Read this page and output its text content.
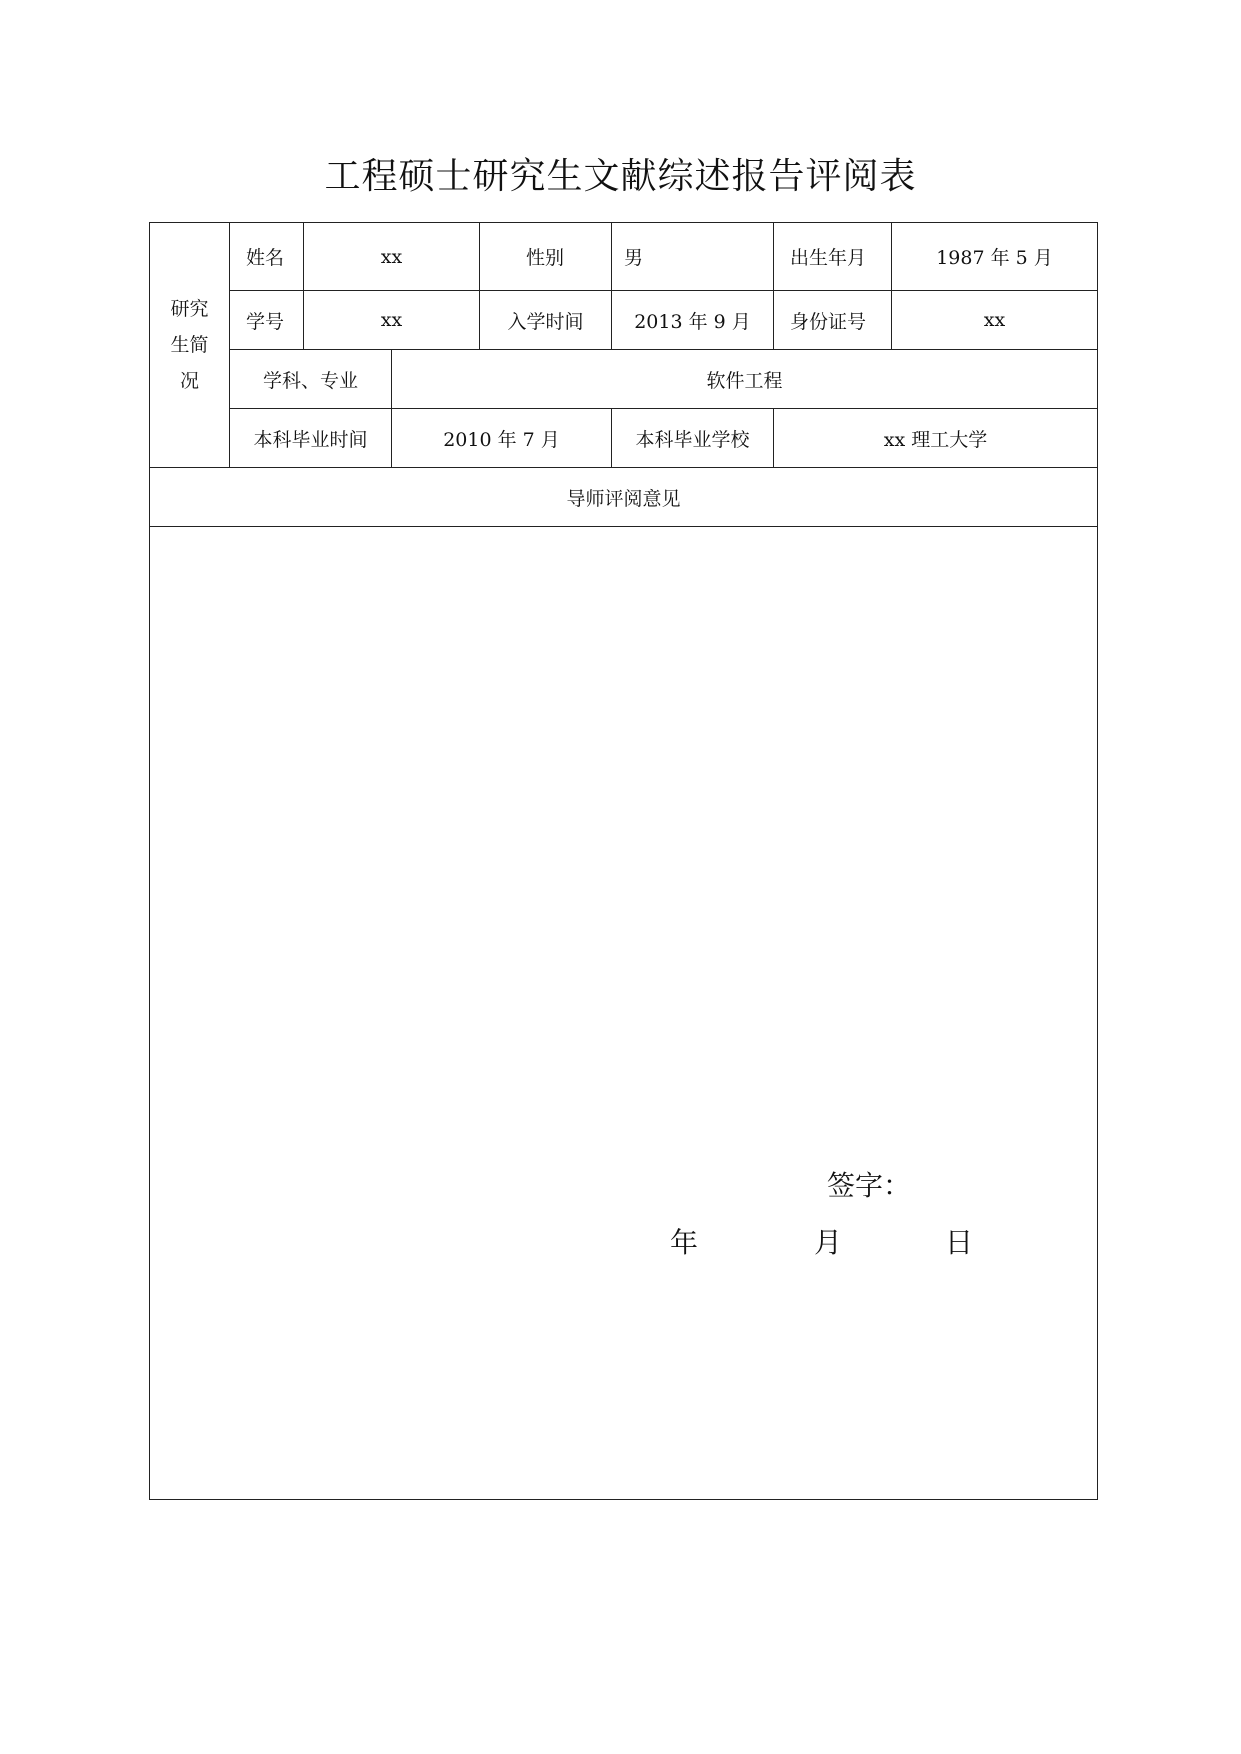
工程硕士研究生文献综述报告评阅表
研究生简况	姓名	xx		性别	男	出生年月	1987 年 5 月
	学号	xx		入学时间	2013 年 9 月	身份证号	xx
	学科、专业		软件工程				
	本科毕业时间		2010 年 7 月		本科毕业学校	xx 理工大学	
导师评阅意见							

签字：
年 月 日							
